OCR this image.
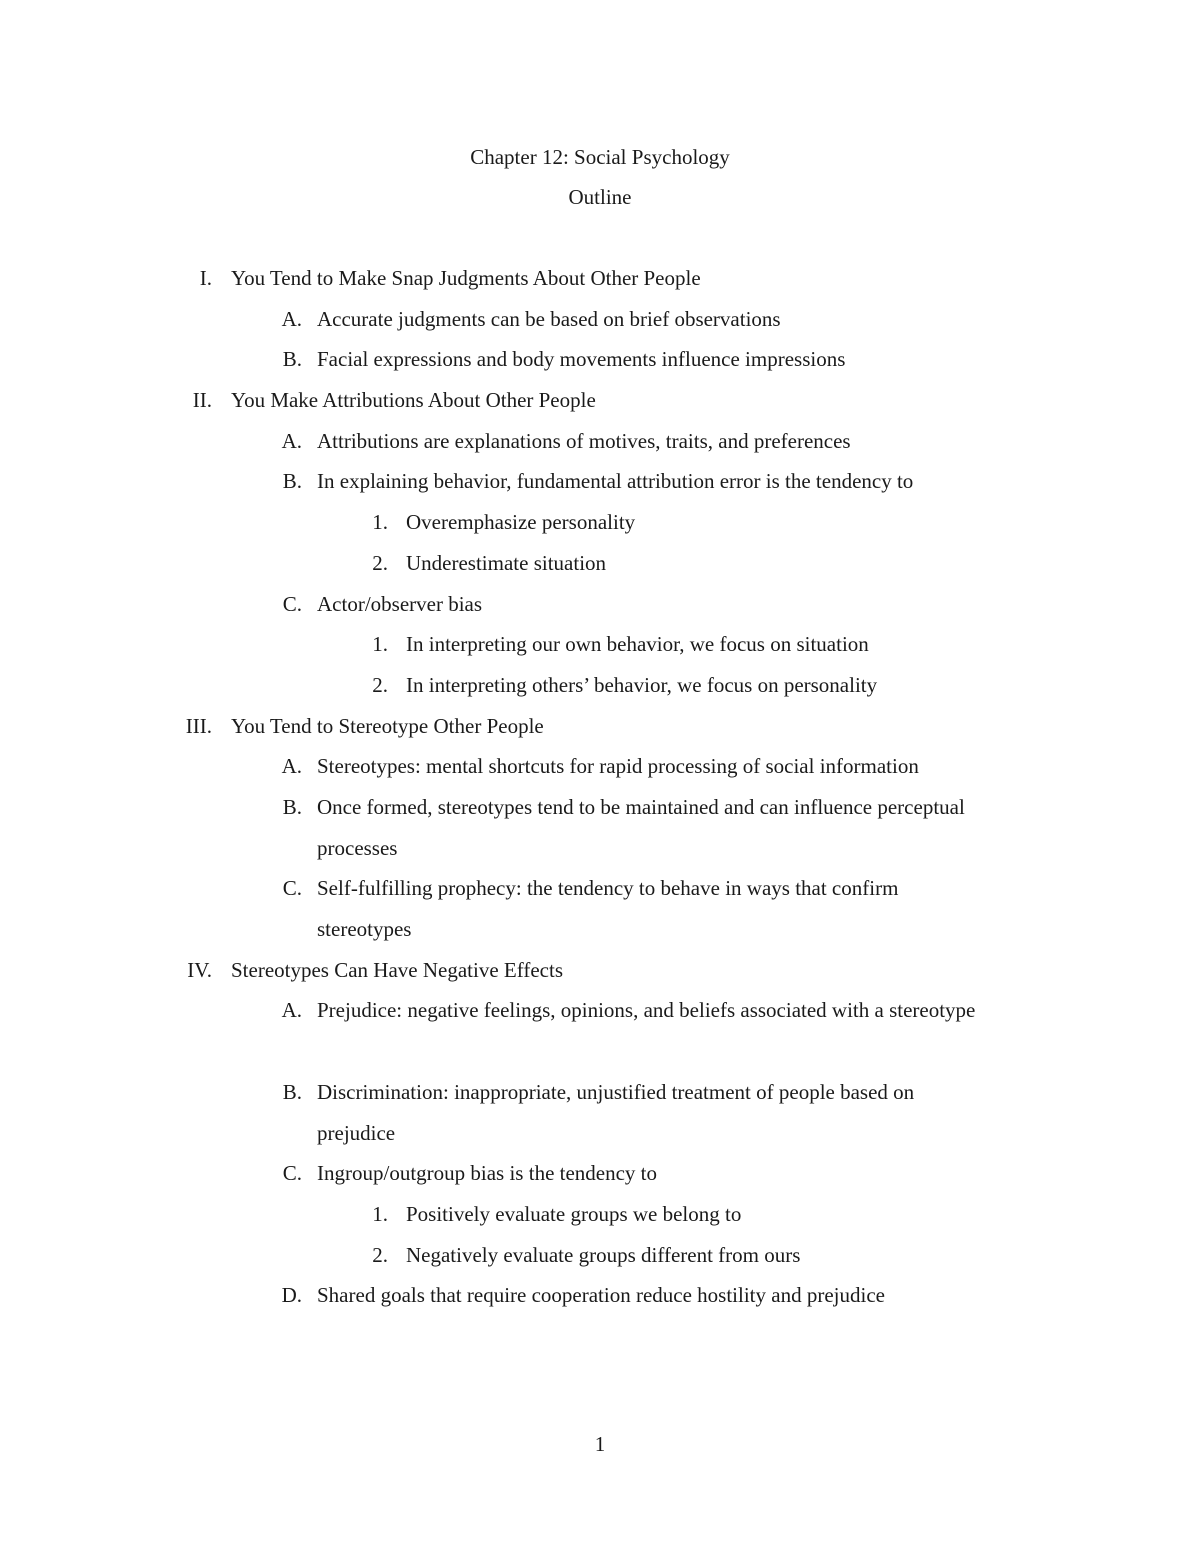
Chapter 12: Social Psychology
Outline
I. You Tend to Make Snap Judgments About Other People
A. Accurate judgments can be based on brief observations
B. Facial expressions and body movements influence impressions
II. You Make Attributions About Other People
A. Attributions are explanations of motives, traits, and preferences
B. In explaining behavior, fundamental attribution error is the tendency to
1. Overemphasize personality
2. Underestimate situation
C. Actor/observer bias
1. In interpreting our own behavior, we focus on situation
2. In interpreting others’ behavior, we focus on personality
III. You Tend to Stereotype Other People
A. Stereotypes: mental shortcuts for rapid processing of social information
B. Once formed, stereotypes tend to be maintained and can influence perceptual processes
C. Self-fulfilling prophecy: the tendency to behave in ways that confirm stereotypes
IV. Stereotypes Can Have Negative Effects
A. Prejudice: negative feelings, opinions, and beliefs associated with a stereotype
B. Discrimination: inappropriate, unjustified treatment of people based on prejudice
C. Ingroup/outgroup bias is the tendency to
1. Positively evaluate groups we belong to
2. Negatively evaluate groups different from ours
D. Shared goals that require cooperation reduce hostility and prejudice
1
